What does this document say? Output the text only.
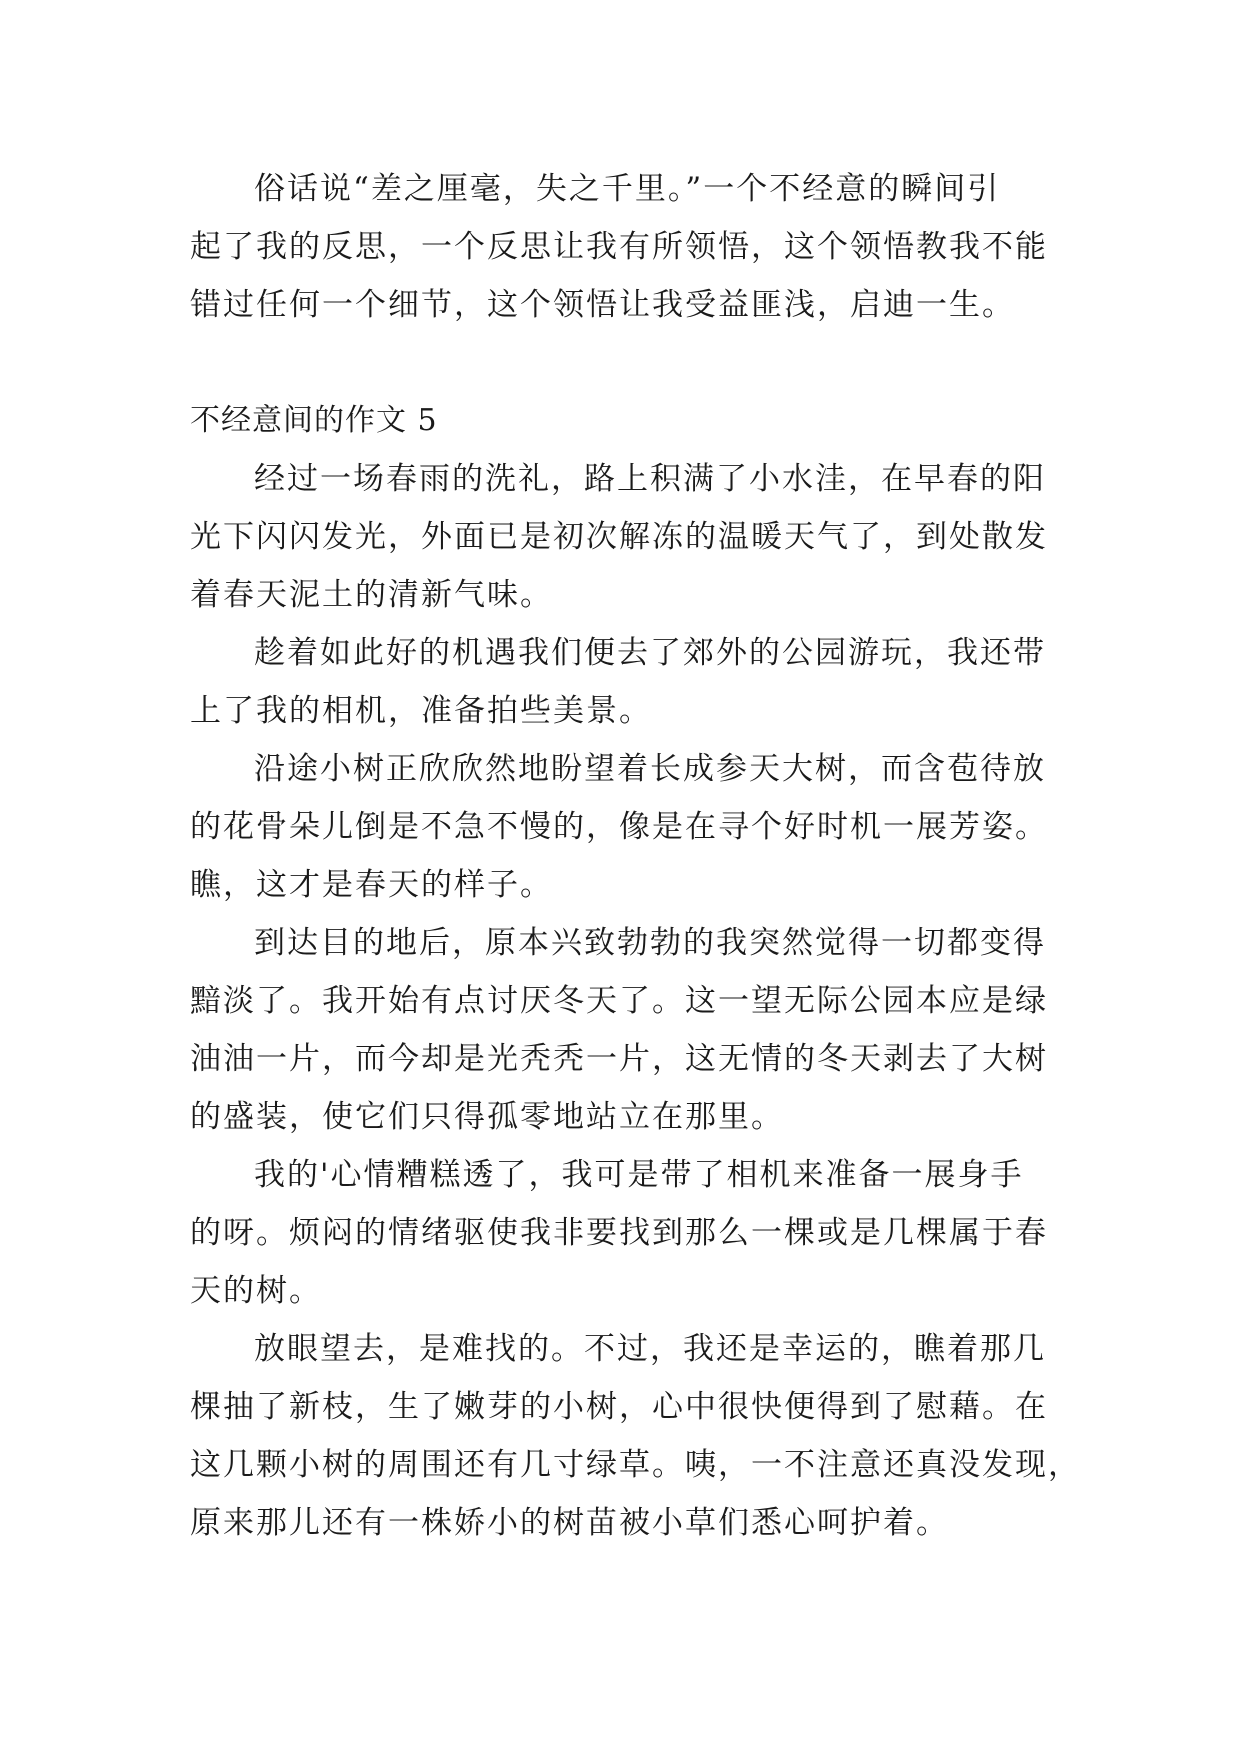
俗话说“差之厘毫，失之千里。”一个不经意的瞬间引
起了我的反思，一个反思让我有所领悟，这个领悟教我不能
错过任何一个细节，这个领悟让我受益匪浅，启迪一生。

不经意间的作文 5

经过一场春雨的洗礼，路上积满了小水洼，在早春的阳
光下闪闪发光，外面已是初次解冻的温暖天气了，到处散发
着春天泥土的清新气味。

趁着如此好的机遇我们便去了郊外的公园游玩，我还带
上了我的相机，准备拍些美景。

沿途小树正欣欣然地盼望着长成参天大树，而含苞待放
的花骨朵儿倒是不急不慢的，像是在寻个好时机一展芳姿。
瞧，这才是春天的样子。

到达目的地后，原本兴致勃勃的我突然觉得一切都变得
黯淡了。我开始有点讨厌冬天了。这一望无际公园本应是绿
油油一片，而今却是光秃秃一片，这无情的冬天剥去了大树
的盛装，使它们只得孤零地站立在那里。

我的'心情糟糕透了，我可是带了相机来准备一展身手
的呀。烦闷的情绪驱使我非要找到那么一棵或是几棵属于春
天的树。

放眼望去，是难找的。不过，我还是幸运的，瞧着那几
棵抽了新枝，生了嫩芽的小树，心中很快便得到了慰藉。在
这几颗小树的周围还有几寸绿草。咦，一不注意还真没发现，
原来那儿还有一株娇小的树苗被小草们悉心呵护着。
